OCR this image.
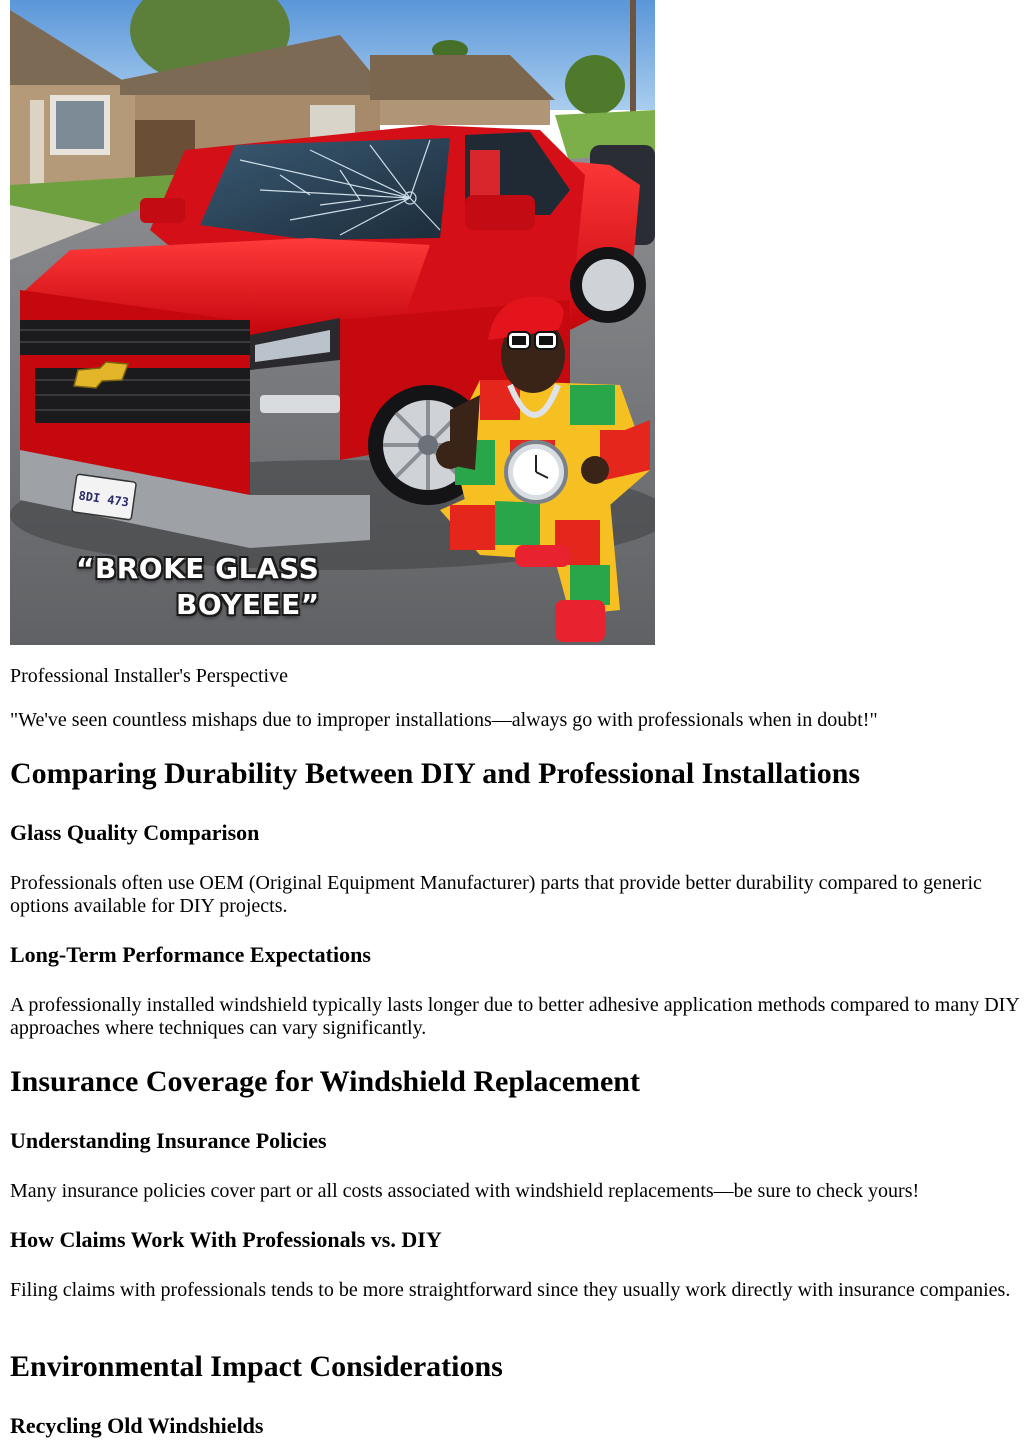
8DI 473
“BROKE GLASS
BOYEEE”

Professional Installer's Perspective

"We've seen countless mishaps due to improper installations—always go with professionals when in doubt!"

Comparing Durability Between DIY and Professional Installations
Glass Quality Comparison

Professionals often use OEM (Original Equipment Manufacturer) parts that provide better durability compared to generic options available for DIY projects.

Long-Term Performance Expectations

A professionally installed windshield typically lasts longer due to better adhesive application methods compared to many DIY approaches where techniques can vary significantly.

Insurance Coverage for Windshield Replacement
Understanding Insurance Policies

Many insurance policies cover part or all costs associated with windshield replacements—be sure to check yours!

How Claims Work With Professionals vs. DIY

Filing claims with professionals tends to be more straightforward since they usually work directly with insurance companies.

Environmental Impact Considerations
Recycling Old Windshields
